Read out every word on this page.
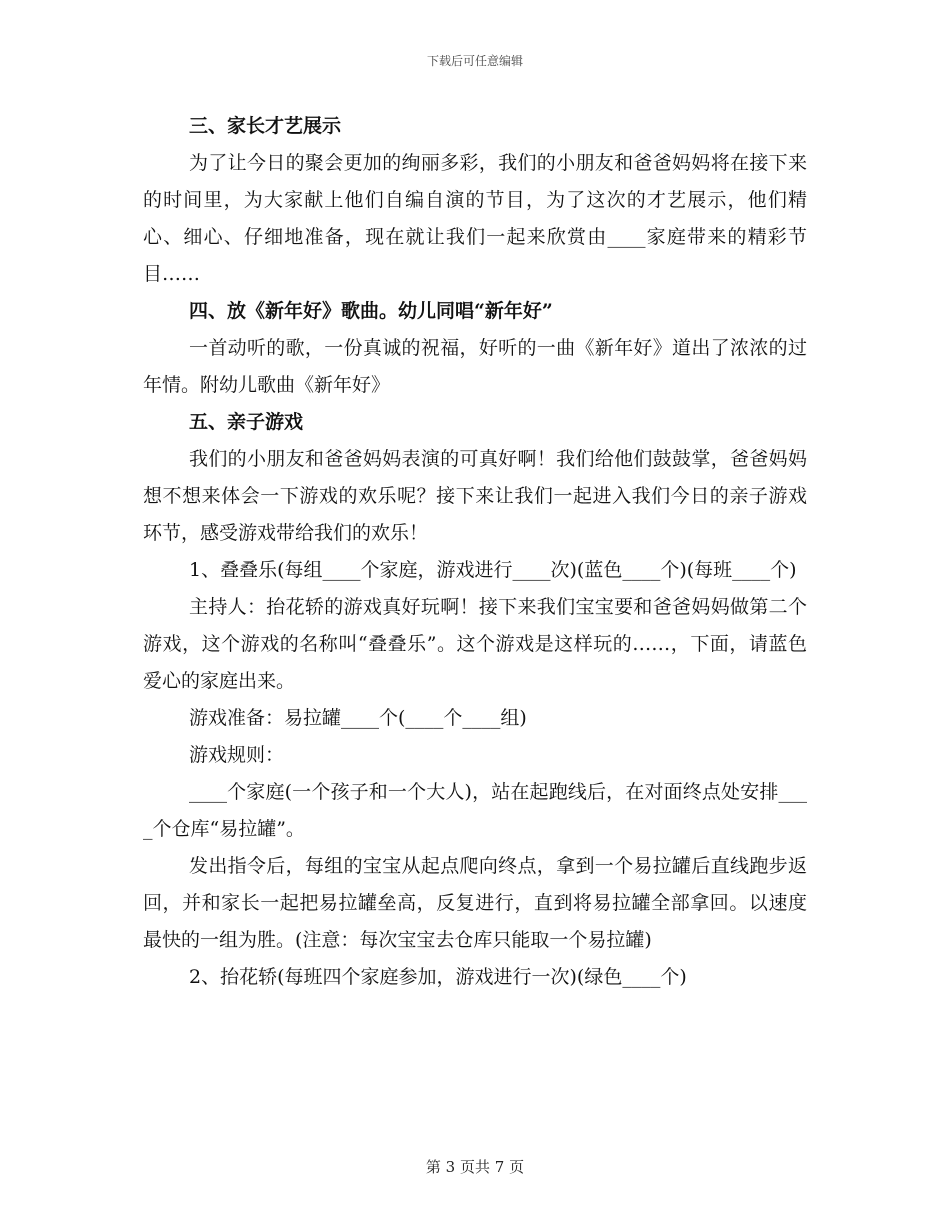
下载后可任意编辑

三、家长才艺展示

为了让今日的聚会更加的绚丽多彩，我们的小朋友和爸爸妈妈将在接下来的时间里，为大家献上他们自编自演的节目，为了这次的才艺展示，他们精心、细心、仔细地准备，现在就让我们一起来欣赏由____家庭带来的精彩节目……

四、放《新年好》歌曲。幼儿同唱“新年好”

一首动听的歌，一份真诚的祝福，好听的一曲《新年好》道出了浓浓的过年情。附幼儿歌曲《新年好》

五、亲子游戏

我们的小朋友和爸爸妈妈表演的可真好啊！我们给他们鼓鼓掌，爸爸妈妈想不想来体会一下游戏的欢乐呢？接下来让我们一起进入我们今日的亲子游戏环节，感受游戏带给我们的欢乐！

1、叠叠乐(每组____个家庭，游戏进行____次)(蓝色____个)(每班____个)

主持人：抬花轿的游戏真好玩啊！接下来我们宝宝要和爸爸妈妈做第二个游戏，这个游戏的名称叫“叠叠乐”。这个游戏是这样玩的……，下面，请蓝色爱心的家庭出来。

游戏准备：易拉罐____个(____个____组)

游戏规则：

____个家庭(一个孩子和一个大人)，站在起跑线后，在对面终点处安排____个仓库“易拉罐”。

发出指令后，每组的宝宝从起点爬向终点，拿到一个易拉罐后直线跑步返回，并和家长一起把易拉罐垒高，反复进行，直到将易拉罐全部拿回。以速度最快的一组为胜。(注意：每次宝宝去仓库只能取一个易拉罐)

2、抬花轿(每班四个家庭参加，游戏进行一次)(绿色____个)

第 3 页共 7 页
